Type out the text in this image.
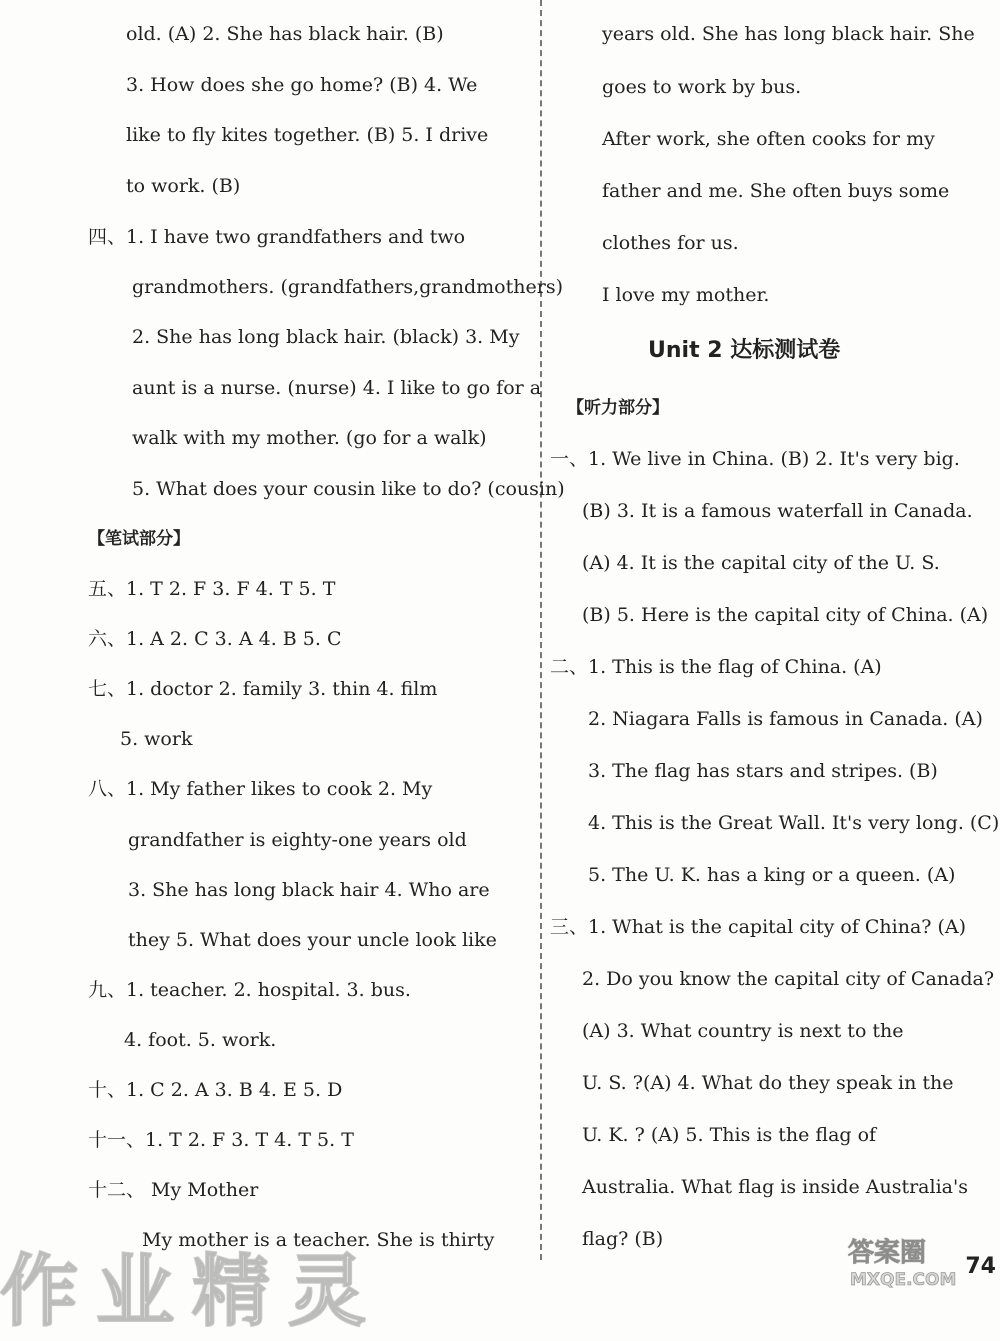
old. (A) 2. She has black hair. (B)
3. How does she go home? (B) 4. We
like to fly kites together. (B) 5. I drive
to work. (B)
四、1. I have two grandfathers and two
grandmothers. (grandfathers,grandmothers)
2. She has long black hair. (black) 3. My
aunt is a nurse. (nurse) 4. I like to go for a
walk with my mother. (go for a walk)
5. What does your cousin like to do? (cousin)
【笔试部分】
五、1. T 2. F 3. F 4. T 5. T
六、1. A 2. C 3. A 4. B 5. C
七、1. doctor 2. family 3. thin 4. film
5. work
八、1. My father likes to cook 2. My
grandfather is eighty-one years old
3. She has long black hair 4. Who are
they 5. What does your uncle look like
九、1. teacher. 2. hospital. 3. bus.
4. foot. 5. work.
十、1. C 2. A 3. B 4. E 5. D
十一、1. T 2. F 3. T 4. T 5. T
十二、 My Mother
My mother is a teacher. She is thirty
years old. She has long black hair. She
goes to work by bus.
After work, she often cooks for my
father and me. She often buys some
clothes for us.
I love my mother.
Unit 2 达标测试卷
【听力部分】
一、1. We live in China. (B) 2. It's very big.
(B) 3. It is a famous waterfall in Canada.
(A) 4. It is the capital city of the U. S.
(B) 5. Here is the capital city of China. (A)
二、1. This is the flag of China. (A)
2. Niagara Falls is famous in Canada. (A)
3. The flag has stars and stripes. (B)
4. This is the Great Wall. It's very long. (C)
5. The U. K. has a king or a queen. (A)
三、1. What is the capital city of China? (A)
2. Do you know the capital city of Canada?
(A) 3. What country is next to the
U. S. ?(A) 4. What do they speak in the
U. K. ? (A) 5. This is the flag of
Australia. What flag is inside Australia's
flag? (B)
作业精灵	答案圈
MXQE.COM
74
